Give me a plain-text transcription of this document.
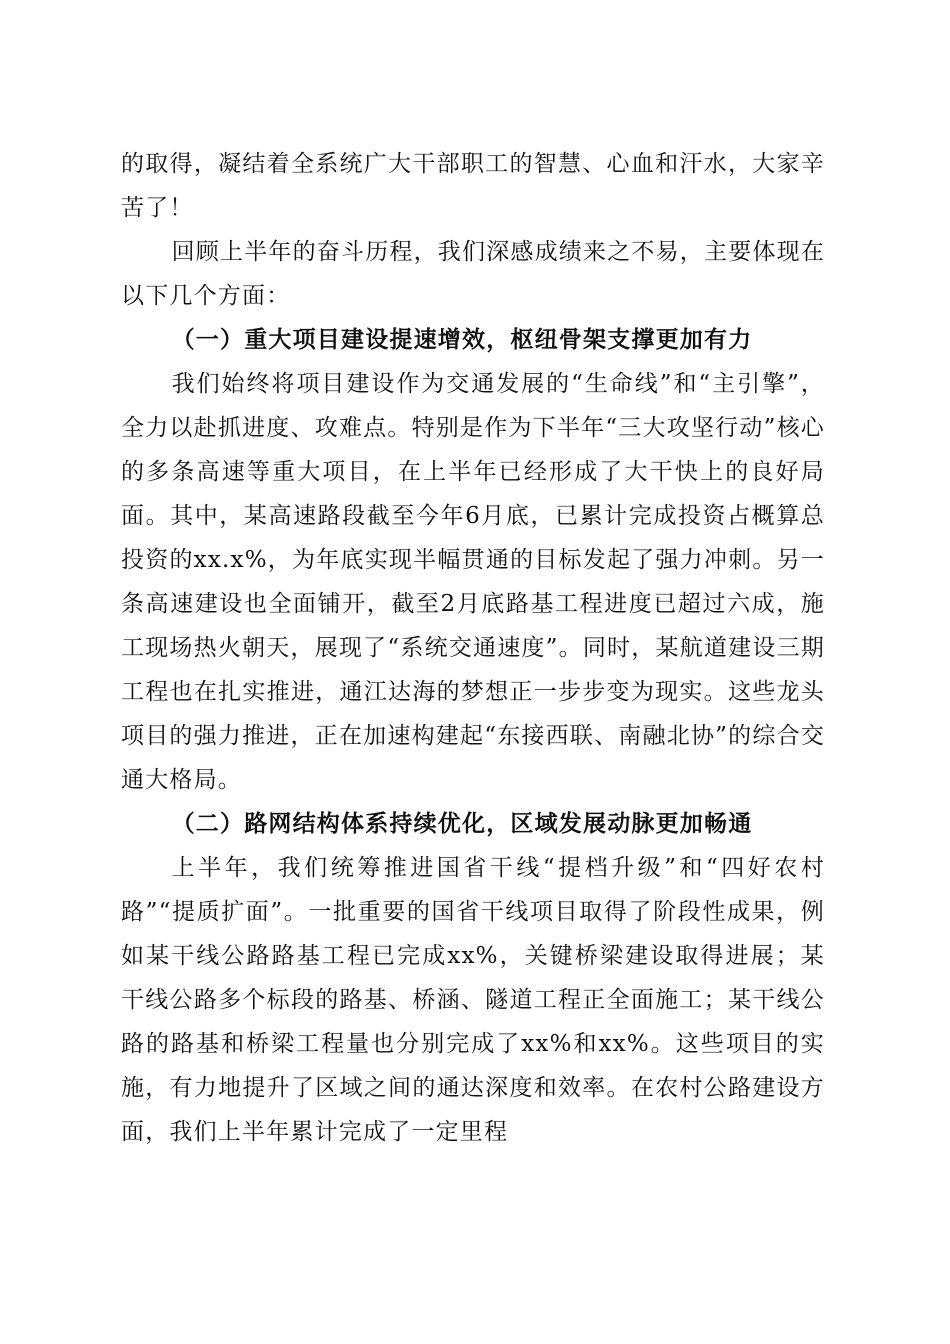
的取得，凝结着全系统广大干部职工的智慧、心血和汗水，大家辛苦了！

回顾上半年的奋斗历程，我们深感成绩来之不易，主要体现在以下几个方面：

（一）重大项目建设提速增效，枢纽骨架支撑更加有力

我们始终将项目建设作为交通发展的“生命线”和“主引擎”，全力以赴抓进度、攻难点。特别是作为下半年“三大攻坚行动”核心的多条高速等重大项目，在上半年已经形成了大干快上的良好局面。其中，某高速路段截至今年6月底，已累计完成投资占概算总投资的xx.x%，为年底实现半幅贯通的目标发起了强力冲刺。另一条高速建设也全面铺开，截至2月底路基工程进度已超过六成，施工现场热火朝天，展现了“系统交通速度”。同时，某航道建设三期工程也在扎实推进，通江达海的梦想正一步步变为现实。这些龙头项目的强力推进，正在加速构建起“东接西联、南融北协”的综合交通大格局。

（二）路网结构体系持续优化，区域发展动脉更加畅通

上半年，我们统筹推进国省干线“提档升级”和“四好农村路”“提质扩面”。一批重要的国省干线项目取得了阶段性成果，例如某干线公路路基工程已完成xx%，关键桥梁建设取得进展；某干线公路多个标段的路基、桥涵、隧道工程正全面施工；某干线公路的路基和桥梁工程量也分别完成了xx%和xx%。这些项目的实施，有力地提升了区域之间的通达深度和效率。在农村公路建设方面，我们上半年累计完成了一定里程
